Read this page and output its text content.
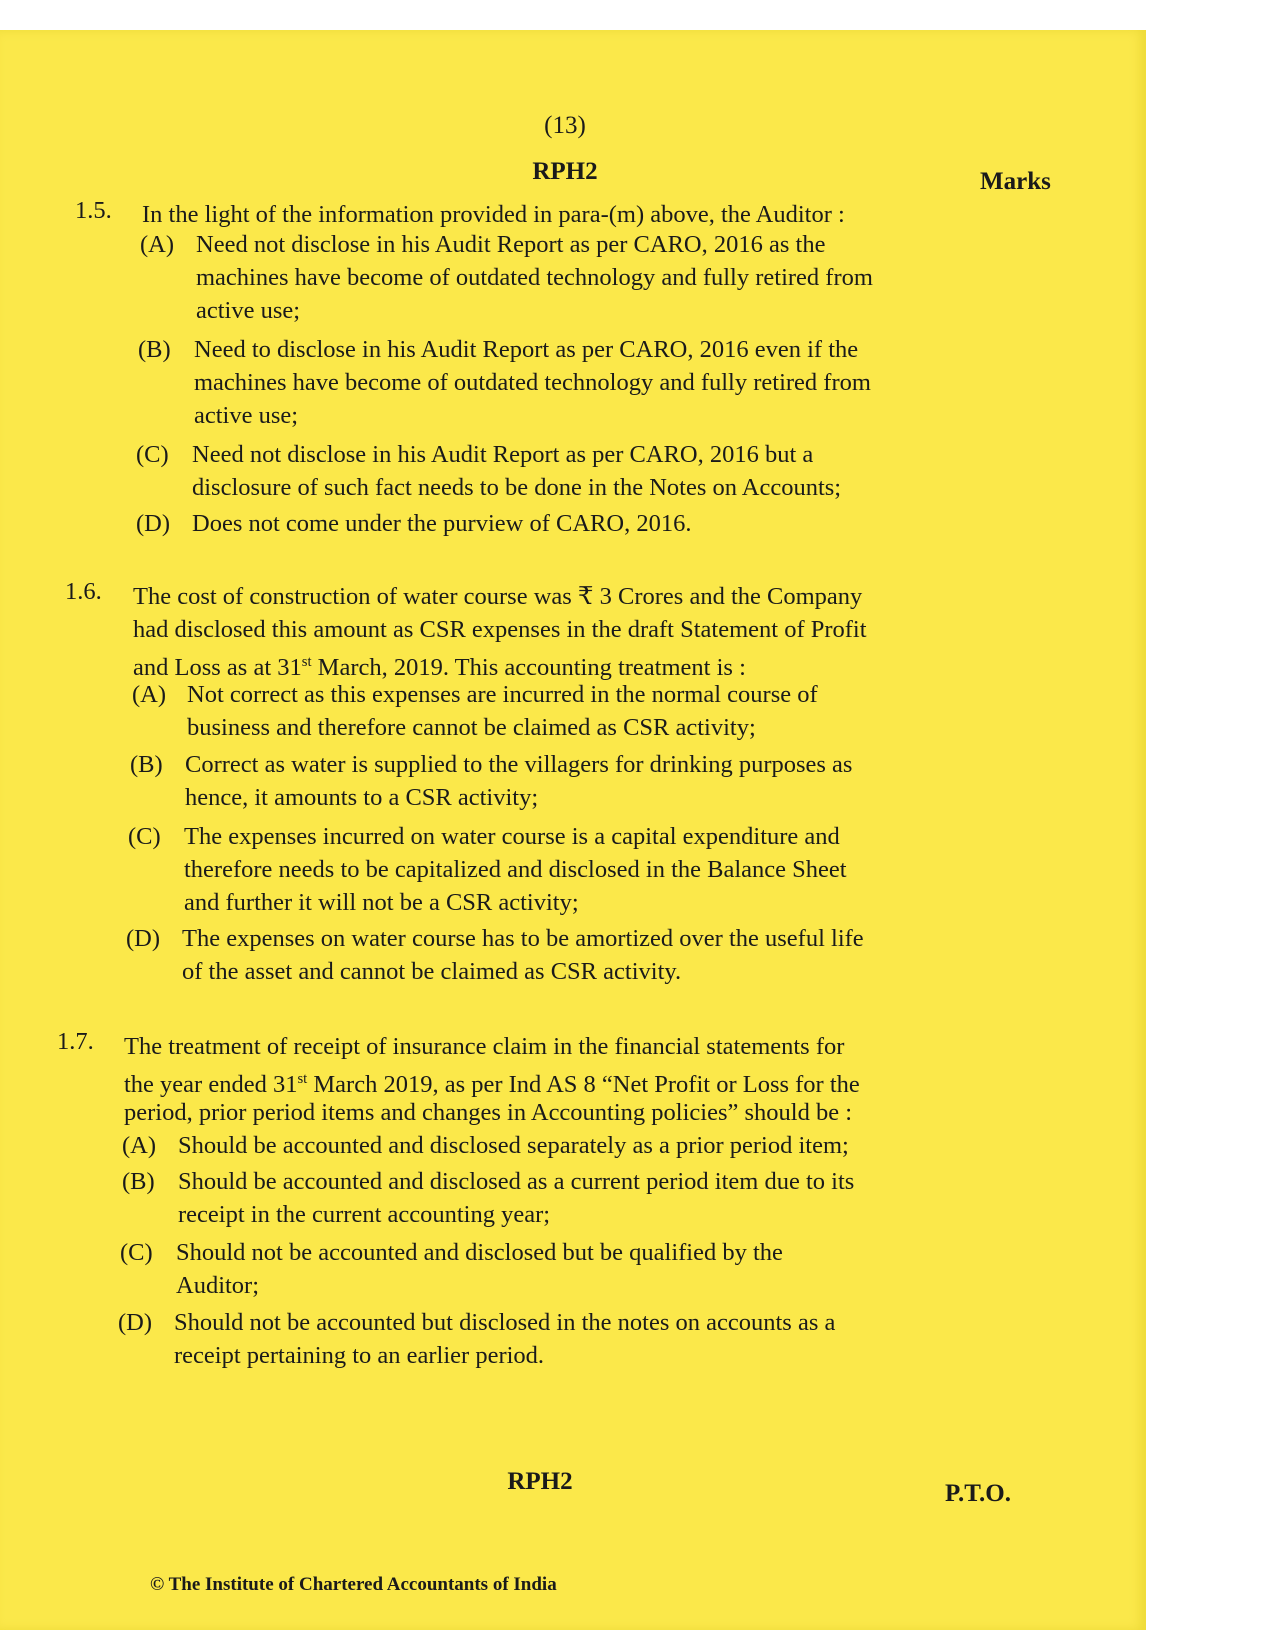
(13)
RPH2	Marks
1.5. In the light of the information provided in para-(m) above, the Auditor :
(A) Need not disclose in his Audit Report as per CARO, 2016 as the
machines have become of outdated technology and fully retired from
active use;
(B) Need to disclose in his Audit Report as per CARO, 2016 even if the
machines have become of outdated technology and fully retired from
active use;
(C) Need not disclose in his Audit Report as per CARO, 2016 but a
disclosure of such fact needs to be done in the Notes on Accounts;
(D) Does not come under the purview of CARO, 2016.
1.6. The cost of construction of water course was ₹ 3 Crores and the Company
had disclosed this amount as CSR expenses in the draft Statement of Profit
and Loss as at 31st March, 2019. This accounting treatment is :
(A) Not correct as this expenses are incurred in the normal course of
business and therefore cannot be claimed as CSR activity;
(B) Correct as water is supplied to the villagers for drinking purposes as
hence, it amounts to a CSR activity;
(C) The expenses incurred on water course is a capital expenditure and
therefore needs to be capitalized and disclosed in the Balance Sheet
and further it will not be a CSR activity;
(D) The expenses on water course has to be amortized over the useful life
of the asset and cannot be claimed as CSR activity.
1.7. The treatment of receipt of insurance claim in the financial statements for
the year ended 31st March 2019, as per Ind AS 8 “Net Profit or Loss for the
period, prior period items and changes in Accounting policies” should be :
(A) Should be accounted and disclosed separately as a prior period item;
(B) Should be accounted and disclosed as a current period item due to its
receipt in the current accounting year;
(C) Should not be accounted and disclosed but be qualified by the
Auditor;
(D) Should not be accounted but disclosed in the notes on accounts as a
receipt pertaining to an earlier period.
RPH2	P.T.O.
© The Institute of Chartered Accountants of India
